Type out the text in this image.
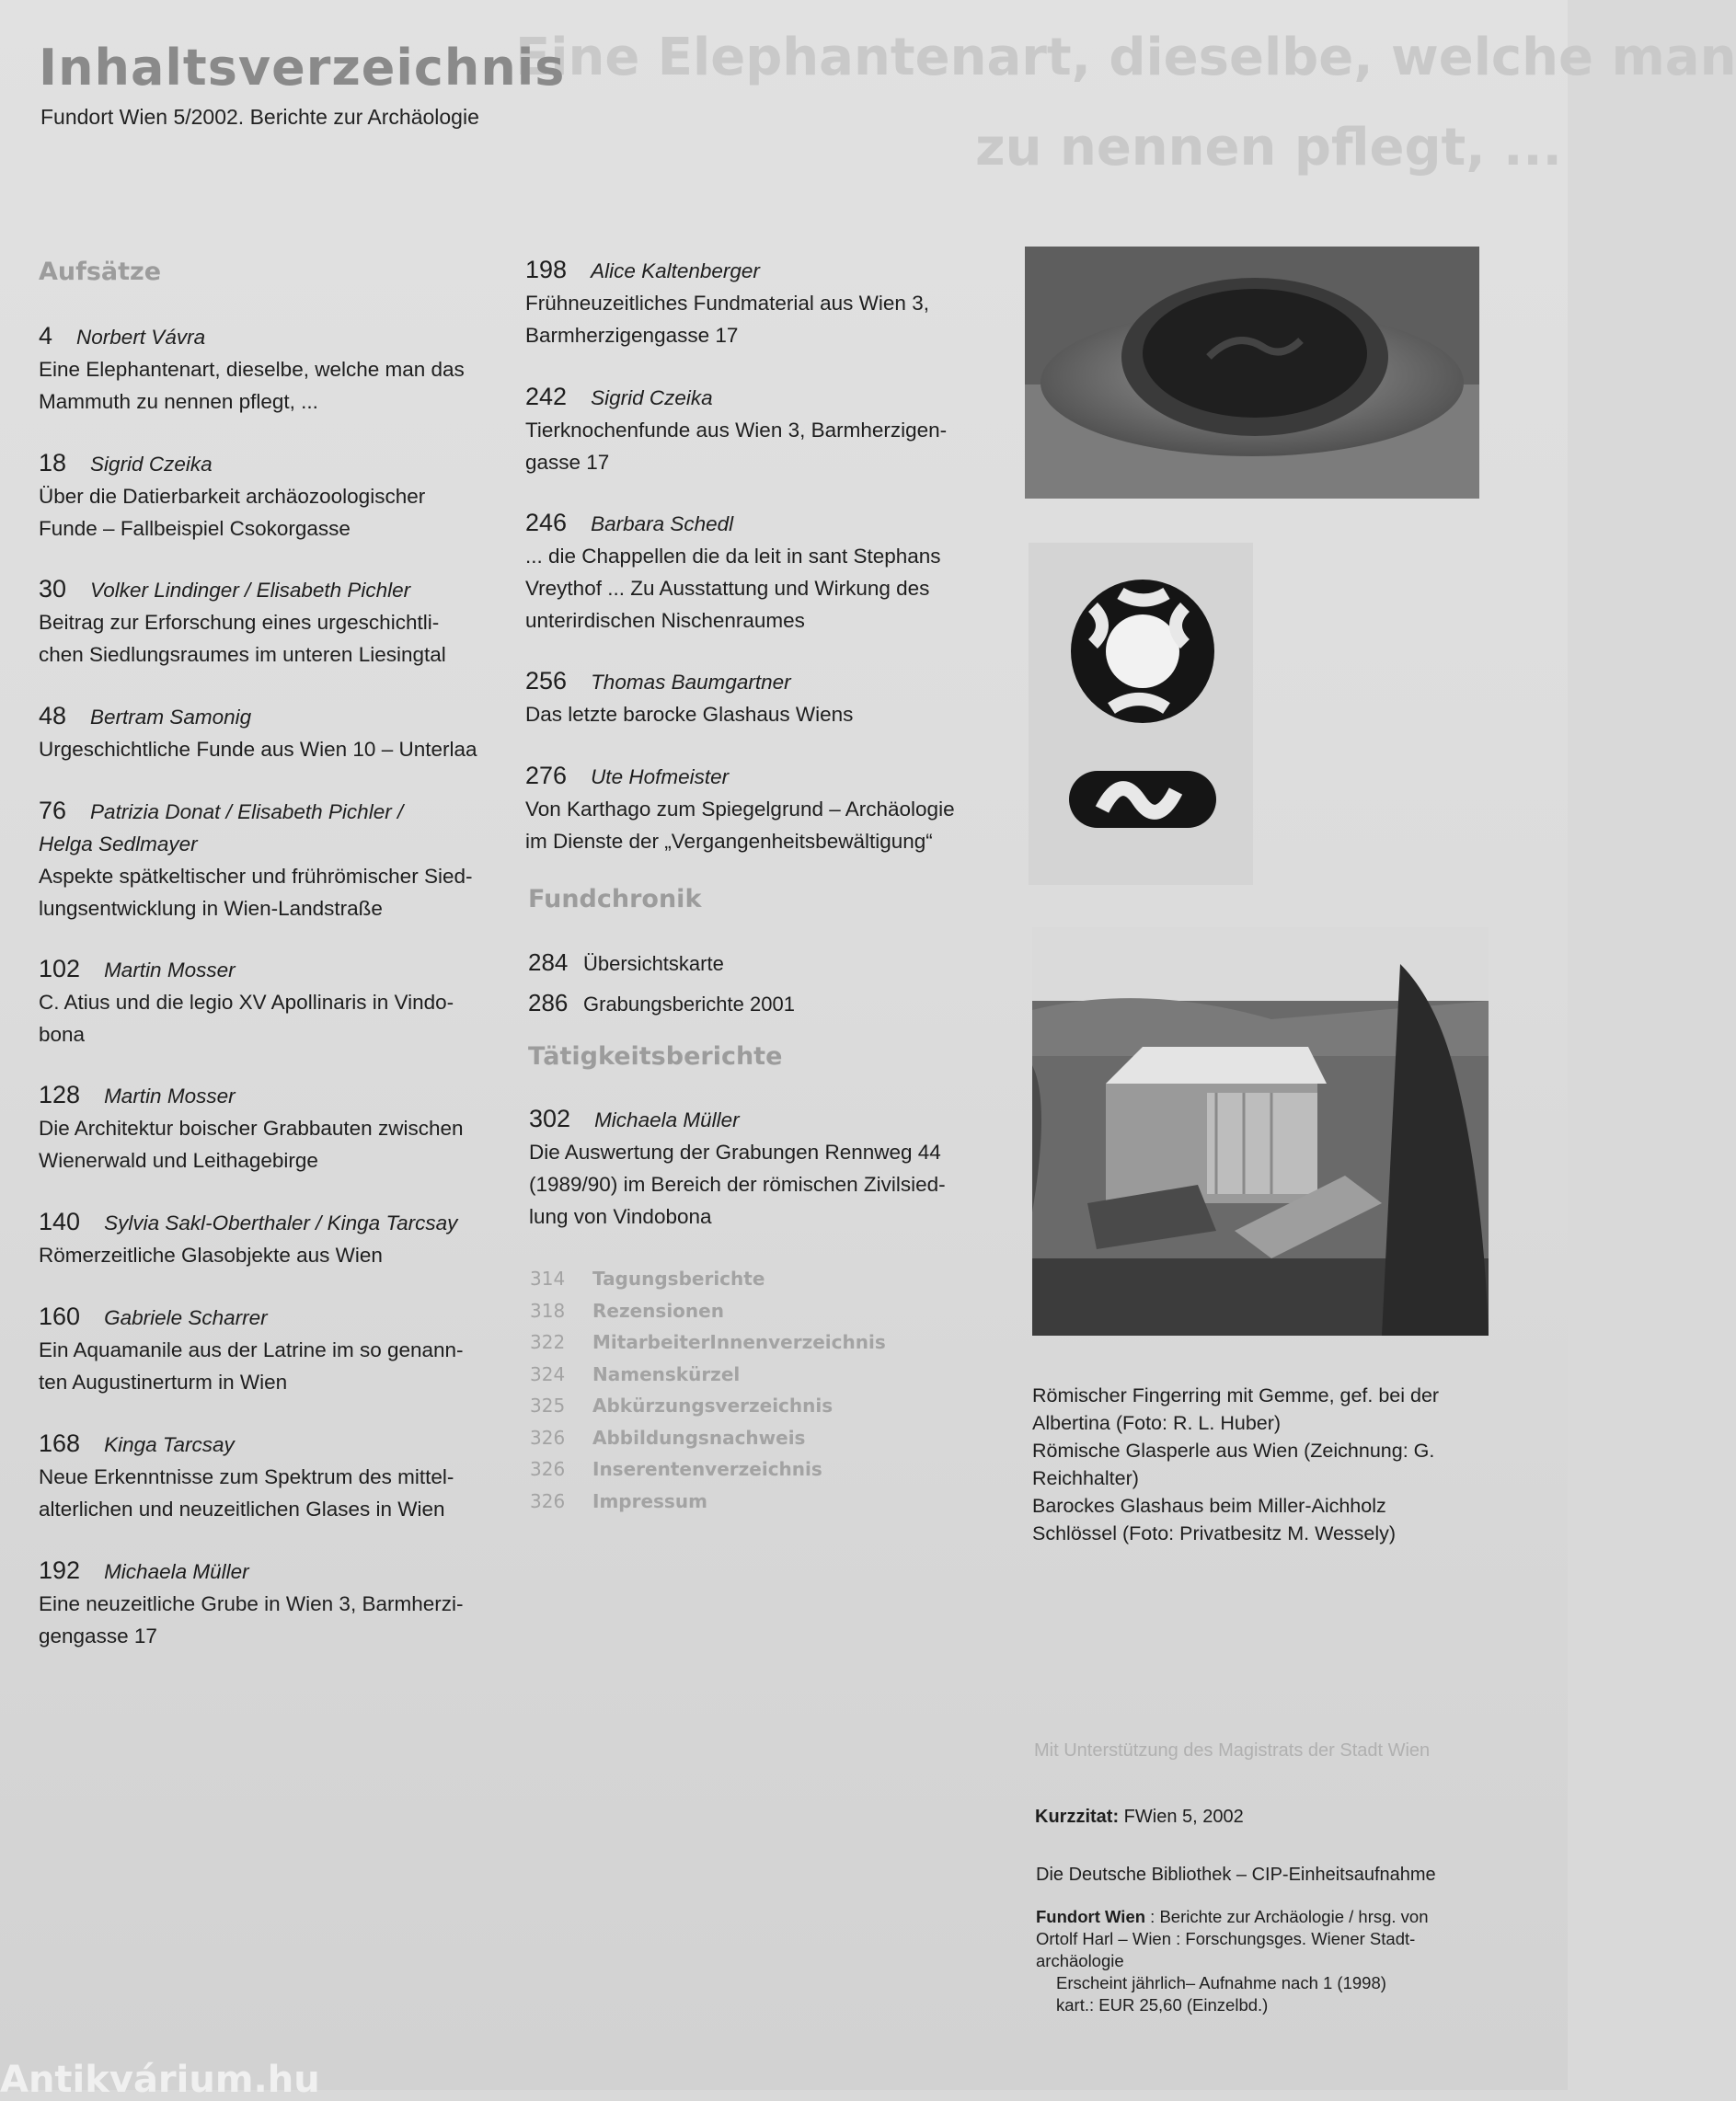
Eine Elephantenart, dieselbe, welche man
zu nennen pflegt, ...
Inhaltsverzeichnis
Fundort Wien 5/2002. Berichte zur Archäologie
Aufsätze
4 Norbert Vávra
Eine Elephantenart, dieselbe, welche man das
Mammuth zu nennen pflegt, ...
18 Sigrid Czeika
Über die Datierbarkeit archäozoologischer
Funde – Fallbeispiel Csokorgasse
30 Volker Lindinger / Elisabeth Pichler
Beitrag zur Erforschung eines urgeschichtli-
chen Siedlungsraumes im unteren Liesingtal
48 Bertram Samonig
Urgeschichtliche Funde aus Wien 10 – Unterlaa
76 Patrizia Donat / Elisabeth Pichler /
Helga Sedlmayer
Aspekte spätkeltischer und frührömischer Sied-
lungsentwicklung in Wien-Landstraße
102 Martin Mosser
C. Atius und die legio XV Apollinaris in Vindo-
bona
128 Martin Mosser
Die Architektur boischer Grabbauten zwischen
Wienerwald und Leithagebirge
140 Sylvia Sakl-Oberthaler / Kinga Tarcsay
Römerzeitliche Glasobjekte aus Wien
160 Gabriele Scharrer
Ein Aquamanile aus der Latrine im so genann-
ten Augustinerturm in Wien
168 Kinga Tarcsay
Neue Erkenntnisse zum Spektrum des mittel-
alterlichen und neuzeitlichen Glases in Wien
192 Michaela Müller
Eine neuzeitliche Grube in Wien 3, Barmherzi-
gengasse 17
198 Alice Kaltenberger
Frühneuzeitliches Fundmaterial aus Wien 3,
Barmherzigengasse 17
242 Sigrid Czeika
Tierknochenfunde aus Wien 3, Barmherzigen-
gasse 17
246 Barbara Schedl
... die Chappellen die da leit in sant Stephans
Vreythof ... Zu Ausstattung und Wirkung des
unterirdischen Nischenraumes
256 Thomas Baumgartner
Das letzte barocke Glashaus Wiens
276 Ute Hofmeister
Von Karthago zum Spiegelgrund – Archäologie
im Dienste der „Vergangenheitsbewältigung“
Fundchronik
284 Übersichtskarte
286 Grabungsberichte 2001
Tätigkeitsberichte
302 Michaela Müller
Die Auswertung der Grabungen Rennweg 44
(1989/90) im Bereich der römischen Zivilsied-
lung von Vindobona
314	Tagungsberichte
318	Rezensionen
322	MitarbeiterInnenverzeichnis
324	Namenskürzel
325	Abkürzungsverzeichnis
326	Abbildungsnachweis
326	Inserentenverzeichnis
326	Impressum
Römischer Fingerring mit Gemme, gef. bei der
Albertina (Foto: R. L. Huber)
Römische Glasperle aus Wien (Zeichnung: G.
Reichhalter)
Barockes Glashaus beim Miller-Aichholz
Schlössel (Foto: Privatbesitz M. Wessely)
Mit Unterstützung des Magistrats der Stadt Wien
Kurzzitat: FWien 5, 2002
Die Deutsche Bibliothek – CIP-Einheitsaufnahme
Fundort Wien : Berichte zur Archäologie / hrsg. von
Ortolf Harl – Wien : Forschungsges. Wiener Stadt-
archäologie
Erscheint jährlich– Aufnahme nach 1 (1998)
kart.: EUR 25,60 (Einzelbd.)
Antikvárium.hu
